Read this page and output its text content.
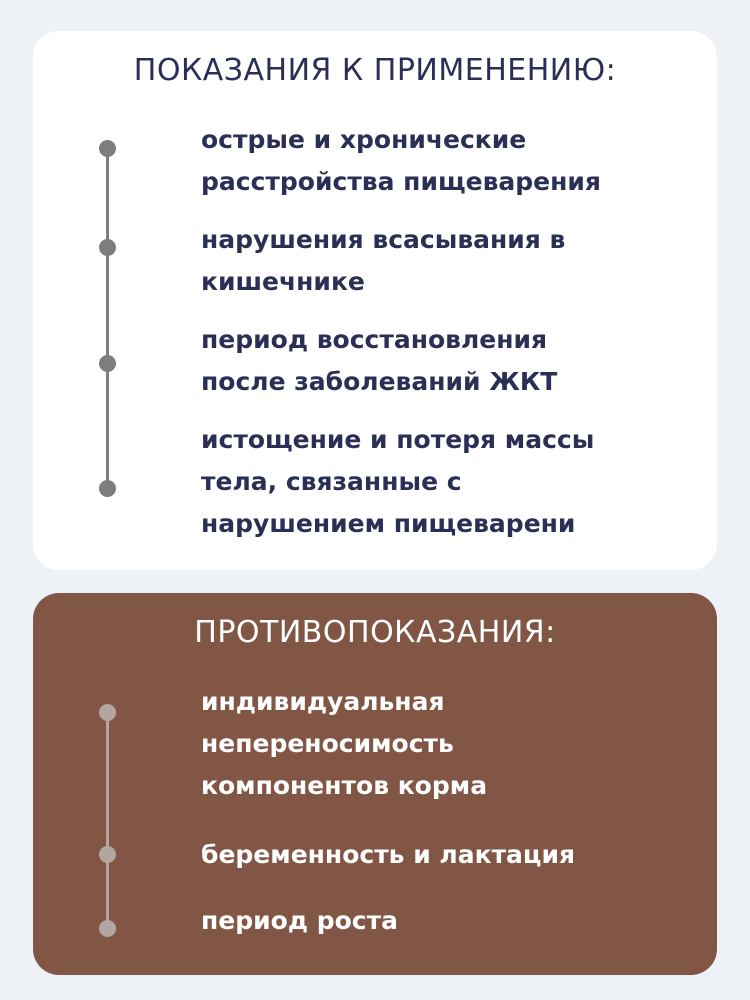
ПОКАЗАНИЯ К ПРИМЕНЕНИЮ:

острые и хронические
расстройства пищеварения

нарушения всасывания в
кишечнике

период восстановления
после заболеваний ЖКТ

истощение и потеря массы
тела, связанные с
нарушением пищеварени

ПРОТИВОПОКАЗАНИЯ:

индивидуальная
непереносимость
компонентов корма

беременность и лактация

период роста
